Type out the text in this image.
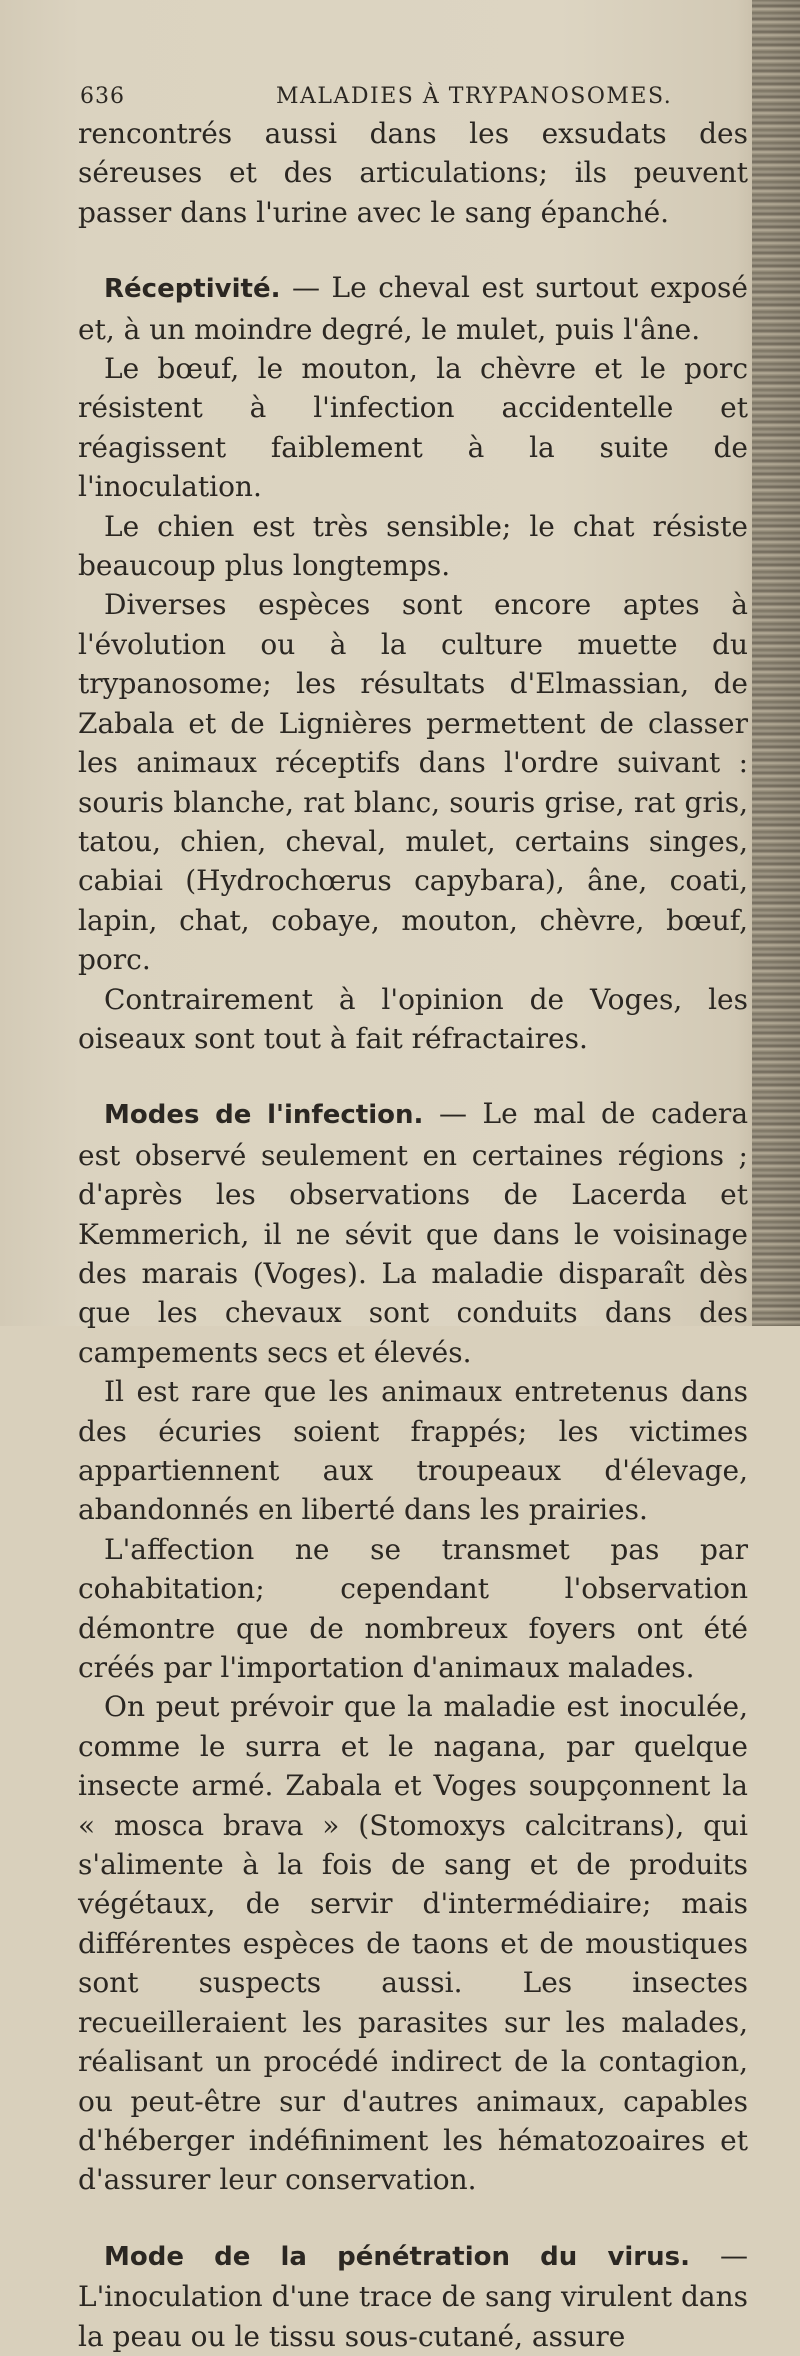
636	MALADIES À TRYPANOSOMES.

rencontrés aussi dans les exsudats des séreuses et des articulations; ils peuvent passer dans l'urine avec le sang épanché.

Réceptivité. — Le cheval est surtout exposé et, à un moindre degré, le mulet, puis l'âne.

Le bœuf, le mouton, la chèvre et le porc résistent à l'infection accidentelle et réagissent faiblement à la suite de l'inoculation.

Le chien est très sensible; le chat résiste beaucoup plus longtemps.

Diverses espèces sont encore aptes à l'évolution ou à la culture muette du trypanosome; les résultats d'Elmassian, de Zabala et de Lignières permettent de classer les animaux réceptifs dans l'ordre suivant : souris blanche, rat blanc, souris grise, rat gris, tatou, chien, cheval, mulet, certains singes, cabiai (Hydrochœrus capybara), âne, coati, lapin, chat, cobaye, mouton, chèvre, bœuf, porc.

Contrairement à l'opinion de Voges, les oiseaux sont tout à fait réfractaires.

Modes de l'infection. — Le mal de cadera est observé seulement en certaines régions ; d'après les observations de Lacerda et Kemmerich, il ne sévit que dans le voisinage des marais (Voges). La maladie disparaît dès que les chevaux sont conduits dans des campements secs et élevés.

Il est rare que les animaux entretenus dans des écuries soient frappés; les victimes appartiennent aux troupeaux d'élevage, abandonnés en liberté dans les prairies.

L'affection ne se transmet pas par cohabitation; cependant l'observation démontre que de nombreux foyers ont été créés par l'importation d'animaux malades.

On peut prévoir que la maladie est inoculée, comme le surra et le nagana, par quelque insecte armé. Zabala et Voges soupçonnent la « mosca brava » (Stomoxys calcitrans), qui s'alimente à la fois de sang et de produits végétaux, de servir d'intermédiaire; mais différentes espèces de taons et de moustiques sont suspects aussi. Les insectes recueilleraient les parasites sur les malades, réalisant un procédé indirect de la contagion, ou peut-être sur d'autres animaux, capables d'héberger indéfiniment les hématozoaires et d'assurer leur conservation.

Mode de la pénétration du virus. — L'inoculation d'une trace de sang virulent dans la peau ou le tissu sous-cutané, assure
